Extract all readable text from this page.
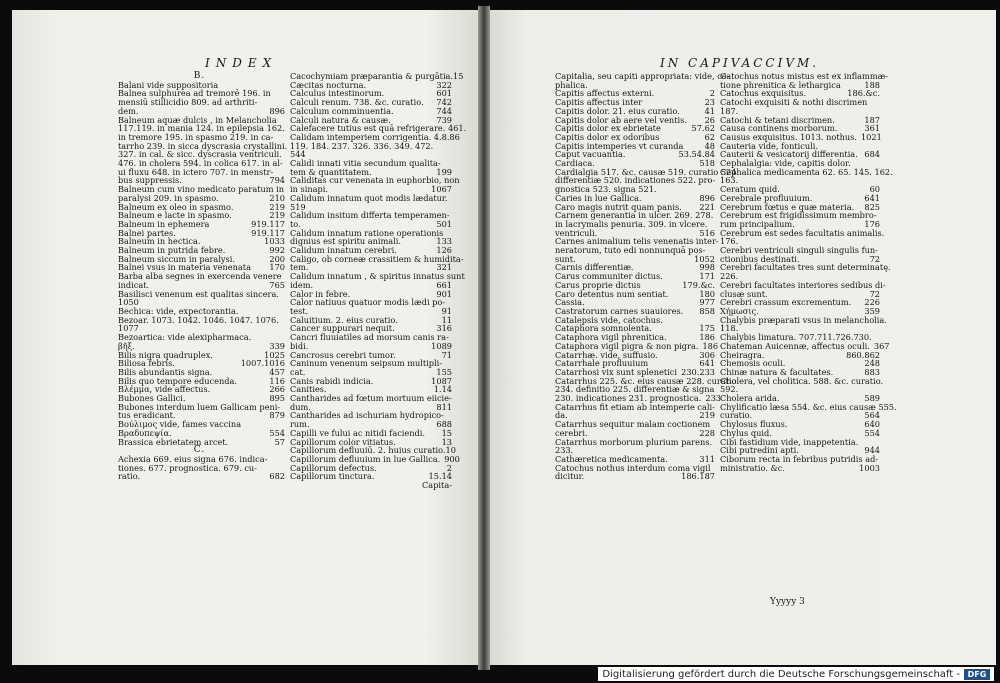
INDEX	IN CAPIVACCIVM.
B.
Balani vide suppositoria
Balnea sulphurea ad tremorē 196. in
mensiū stillicidio 809. ad arthriti-
dem.	896
Balneum aquæ dulcis , in Melancholia
117.119. in mania 124. in epilepsia 162.
in tremore 195. in spasmo 219. in ca-
tarrho 239. in sicca dyscrasia crystallini.
327. in cal. & sicc. dyscrasia ventriculi.
476. in cholera 594. in colica 617. in al-
ui fluxu 648. in ictero 707. in menstr-
bus suppressis.	794
Balneum cum vino medicato paratum in
paralysi 209. in spasmo.	210
Balneum ex oleo in spasmo.	219
Balneum e lacte in spasmo.	219
Balneum in ephemera	919.117
Balnei partes.	919.117
Balneum in hectica.	1033
Balneum in putrida febre.	992
Balneum siccum in paralysi.	200
Balnei vsus in materia venenata	170
Barba alba segnes in exercenda venere
indicat.	765
Basilisci venenum est qualitas sincera.
1050
Bechica: vide, expectorantia.
Bezoar. 1073. 1042. 1046. 1047. 1076.
1077
Bezoartica: vide alexipharmaca.
βῆξ.	339
Bilis nigra quadruplex.	1025
Biliosa febris.	1007.1016
Bilis abundantis signa.	457
Bilis quo tempore educenda.	116
Βλέμμα, vide affectus.	266
Bubones Gallici.	895
Bubones interdum luem Gallicam peni-
tus eradicant.	879
Βούλιμος vide, fames vaccina
Βραδυπεψία.	554
Brassica ebrietatem arcet.	57
C.
Achexia 669. eius signa 676. indica-
tiones. 677. prognostica. 679. cu-
ratio.	682
Cacochymiam præparantia & purgātia.15
Cæcitas nocturna.	322
Calculus intestinorum.	601
Calculi renum. 738. &c. curatio.	742
Calculum comminuentia.	744
Calculi natura & causæ.	739
Calefacere tutius est quā refrigerare. 461.
Calidam intemperiem corrigentia. 4.8.86
119. 184. 237. 326. 336. 349. 472.
544
Calidi innati vitia secundum qualita-
tem & quantitatem.	199
Caliditas cur venenata in euphorbio, non
in sinapi.	1067
Calidum innatum quot modis lædatur.
519
Calidum insitum differta temperamen-
to.	501
Calidum innatum ratione operationis
dignius est spiritu animali.	133
Calidum innatum cerebri.	126
Caligo, ob corneæ crassitiem & humidita-
tem.	321
Calidum innatum , & spiritus innatus sunt
idem.	661
Calor in febre.	901
Calor natiuus quatuor modis lædi po-
test.	91
Caluitium. 2. eius curatio.	11
Cancer suppurari nequit.	316
Cancri fluuiatiles ad morsum canis ra-
bidi.	1089
Cancrosus cerebri tumor.	71
Caninum venenum seipsum multipli-
cat.	155
Canis rabidi indicia.	1087
Canities.	1.14
Cantharides ad fœtum mortuum eiicie-
dum.	811
Cantharides ad ischuriam hydropico-
rum.	688
Capilli ve fului ac nitidi faciendi.	15
Capillorum color vitiatus.	13
Capillorum defluuiū. 2. huius curatio.10
Capillorum defluuium in lue Gallica. 900
Capillorum defectus.	2
Capillorum tinctura.	15.14
Capita-
Capitalia, seu capiti appropriata: vide, ce-
phalica.
Capitis affectus externi.	2
Capitis affectus inter	23
Capitis dolor. 21. eius curatio.	41
Capitis dolor ab aere vel ventis.	26
Capitis dolor ex ebrietate	57.62
Capitis dolor ex odoribus	62
Capitis intemperies vt curanda	48
Caput vacuantia.	53.54.84
Cardiaca.	518
Cardialgia 517. &c. causæ 519. curatio 524.
differentiæ 520. indicationes 522. pro-
gnostica 523. signa 521.
Caries in lue Gallica.	896
Caro magis nutrit quam panis.	221
Carnem generantia in ulcer. 269. 278.
in lacrymalis penuria. 309. in vlcere.
ventriculi.	516
Carnes animalium telis venenatis inter-
neratorum, tuto edi nonnunquā pos-
sunt.	1052
Carnis differentiæ.	998
Carus communiter dictus.	171
Carus proprie dictus	179.&c.
Caro detentus num sentiat.	180
Cassia.	977
Castratorum carnes suauiores.	858
Catalepsis vide, catochus.
Cataphora somnolenta.	175
Cataphora vigil phrenitica.	186
Cataphora vigil pigra & non pigra. 186
Catarrhæ. vide, suffusio.	306
Catarrhale profluuium	641
Catarrhosi vix sunt splenetici 230.233
Catarrhus 225. &c. eius causæ 228. curatio
234. definitio 225. differentiæ & signa
230. indicationes 231. prognostica. 233
Catarrhus fit etiam ab intemperie cali-
da.	219
Catarrhus sequitur malam coctionem
cerebri.	228
Catarrhus morborum plurium parens.
233.
Cathæretica medicamenta.	311
Catochus nothus interdum coma vigil
dicitur.	186.187
Catochus notus mistus est ex inflammæ-
tione phrenitica & lethargica	188
Catochus exquisitus.	186.&c.
Catochi exquisiti & nothi discrimen
187.
Catochi & tetani discrimen.	187
Causa continens morborum.	361
Causus exquisitus. 1013. nothus. 1021
Cauteria vide, fonticuli.
Cauterii & vesicatorij differentia. 684
Cephalalgia: vide, capitis dolor.
Cephalica medicamenta 62. 65. 145. 162.
163.
Ceratum quid.	60
Cerebrale profluuium.	641
Cerebrum fœtus e quæ materia.	825
Cerebrum est frigidissimum membro-
rum principalium.	176
Cerebrum est sedes facultatis animalis.
176.
Cerebri ventriculi singuli singulis fun-
ctionibus destinati.	72
Cerebri facultates tres sunt determinatę.
226.
Cerebri facultates interiores sedibus di-
clusæ sunt.	72
Cerebri crassum excrementum.	226
Χήμωσις.	359
Chalybis præparati vsus in melancholia.
118.
Chalybis limatura. 707.711.726.730.
Chateman Auicennæ, affectus oculi. 367
Cheiragra.	860.862
Chemosis oculi.	248
Chinæ natura & facultates.	883
Cholera, vel cholitica. 588. &c. curatio.
592.
Cholera arida.	589
Chylificatio læsa 554. &c. eius causæ 555.
curatio.	564
Chylosus fluxus.	640
Chylus quid.	554
Cibi fastidium vide, inappetentia.
Cibi putredini apti.	944
Ciborum recta in febribus putridis ad-
ministratio. &c.	1003
Yyyyy 3
Digitalisierung gefördert durch die Deutsche Forschungsgemeinschaft - DFG
